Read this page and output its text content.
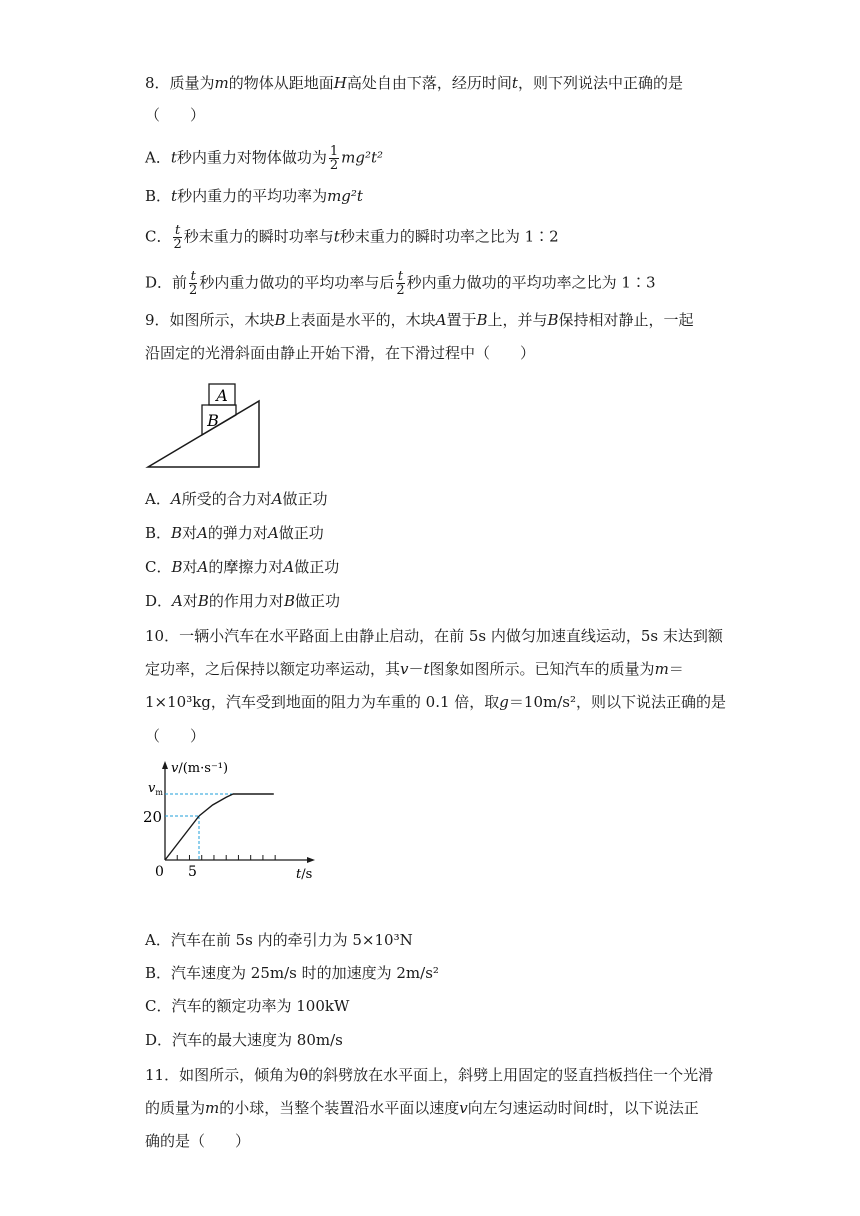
8．质量为m的物体从距地面H高处自由下落，经历时间t，则下列说法中正确的是
（　　）
A．t秒内重力对物体做功为 $\frac{1}{2} mg^2t^2$
B．t秒内重力的平均功率为mg²t
C． $\frac{t}{2}$ 秒末重力的瞬时功率与t秒末重力的瞬时功率之比为 1∶2
D．前 $\frac{t}{2}$ 秒内重力做功的平均功率与后 $\frac{t}{2}$ 秒内重力做功的平均功率之比为 1∶3
9．如图所示，木块B上表面是水平的，木块A置于B上，并与B保持相对静止，一起
沿固定的光滑斜面由静止开始下滑，在下滑过程中（　　）
A
B
A．A所受的合力对A做正功
B．B对A的弹力对A做正功
C．B对A的摩擦力对A做正功
D．A对B的作用力对B做正功
10．一辆小汽车在水平路面上由静止启动，在前 5s 内做匀加速直线运动，5s 末达到额
定功率，之后保持以额定功率运动，其v－t图象如图所示。已知汽车的质量为m＝
1×10³kg，汽车受到地面的阻力为车重的 0.1 倍，取g＝10m/s²，则以下说法正确的是
（　　）
v/(m·s⁻¹)
$v_m$
20
0 5	t/s
A．汽车在前 5s 内的牵引力为 5×10³N
B．汽车速度为 25m/s 时的加速度为 2m/s²
C．汽车的额定功率为 100kW
D．汽车的最大速度为 80m/s
11．如图所示，倾角为θ的斜劈放在水平面上，斜劈上用固定的竖直挡板挡住一个光滑
的质量为m的小球，当整个装置沿水平面以速度v向左匀速运动时间t时，以下说法正
确的是（　　）
